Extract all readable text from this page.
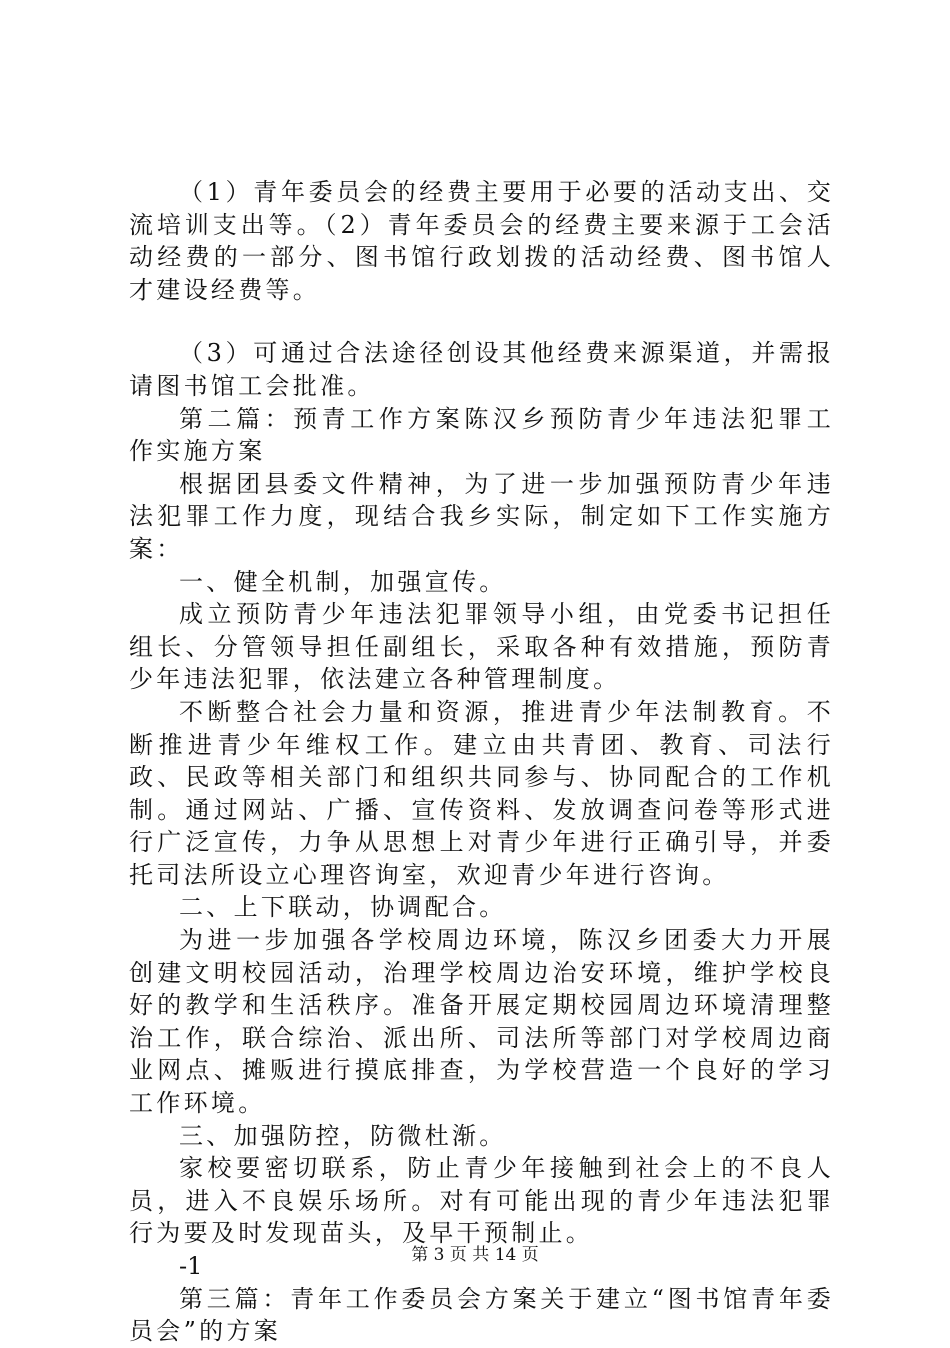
（1）青年委员会的经费主要用于必要的活动支出、交流培训支出等。（2）青年委员会的经费主要来源于工会活动经费的一部分、图书馆行政划拨的活动经费、图书馆人才建设经费等。

（3）可通过合法途径创设其他经费来源渠道，并需报请图书馆工会批准。

第二篇：预青工作方案陈汉乡预防青少年违法犯罪工作实施方案

根据团县委文件精神，为了进一步加强预防青少年违法犯罪工作力度，现结合我乡实际，制定如下工作实施方案：

一、健全机制，加强宣传。

成立预防青少年违法犯罪领导小组，由党委书记担任组长、分管领导担任副组长，采取各种有效措施，预防青少年违法犯罪，依法建立各种管理制度。

不断整合社会力量和资源，推进青少年法制教育。不断推进青少年维权工作。建立由共青团、教育、司法行政、民政等相关部门和组织共同参与、协同配合的工作机制。通过网站、广播、宣传资料、发放调查问卷等形式进行广泛宣传，力争从思想上对青少年进行正确引导，并委托司法所设立心理咨询室，欢迎青少年进行咨询。

二、上下联动，协调配合。

为进一步加强各学校周边环境，陈汉乡团委大力开展创建文明校园活动，治理学校周边治安环境，维护学校良好的教学和生活秩序。准备开展定期校园周边环境清理整治工作，联合综治、派出所、司法所等部门对学校周边商业网点、摊贩进行摸底排查，为学校营造一个良好的学习工作环境。

三、加强防控，防微杜渐。

家校要密切联系，防止青少年接触到社会上的不良人员，进入不良娱乐场所。对有可能出现的青少年违法犯罪行为要及时发现苗头，及早干预制止。

-1

第三篇：青年工作委员会方案关于建立“图书馆青年委员会”的方案

第 3 页 共 14 页
